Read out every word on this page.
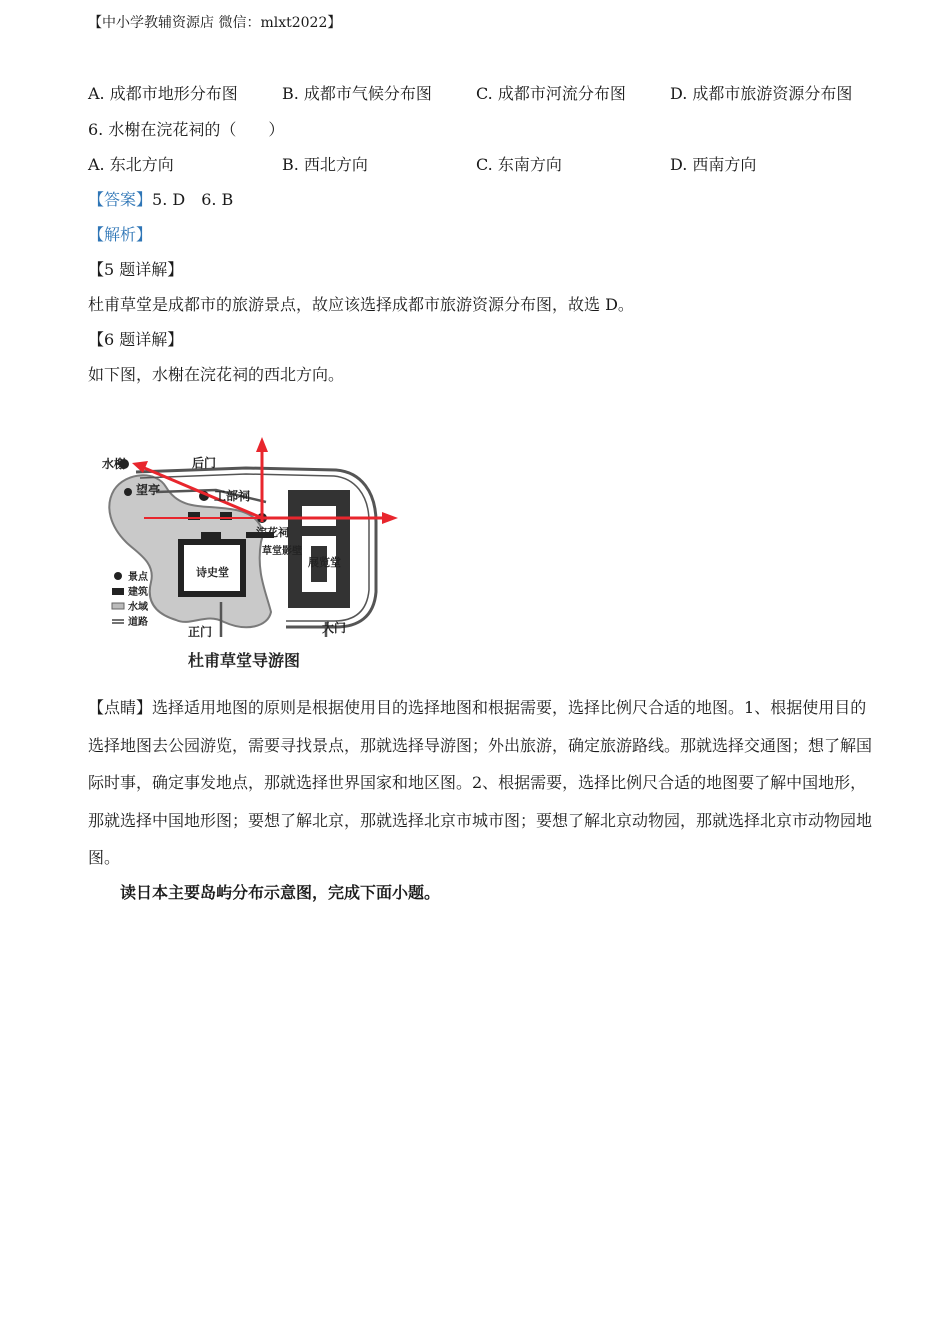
【中小学教辅资源店 微信：mlxt2022】
A. 成都市地形分布图	B. 成都市气候分布图	C. 成都市河流分布图	D. 成都市旅游资源分布图
6. 水榭在浣花祠的（　　）
A. 东北方向	B. 西北方向	C. 东南方向	D. 西南方向
【答案】5. D　6. B
【解析】
【5 题详解】
杜甫草堂是成都市的旅游景点，故应该选择成都市旅游资源分布图，故选 D。
【6 题详解】
如下图，水榭在浣花祠的西北方向。
水榭	后门
望亭	工部祠
浣花祠
诗史堂
草堂影壁
展览堂
正门	大门
景点
建筑
水域
道路
杜甫草堂导游图
【点睛】选择适用地图的原则是根据使用目的选择地图和根据需要，选择比例尺合适的地图。1、根据使用目的选择地图去公园游览，需要寻找景点，那就选择导游图；外出旅游，确定旅游路线。那就选择交通图；想了解国际时事，确定事发地点，那就选择世界国家和地区图。2、根据需要，选择比例尺合适的地图要了解中国地形，那就选择中国地形图；要想了解北京，那就选择北京市城市图；要想了解北京动物园，那就选择北京市动物园地图。
读日本主要岛屿分布示意图，完成下面小题。
